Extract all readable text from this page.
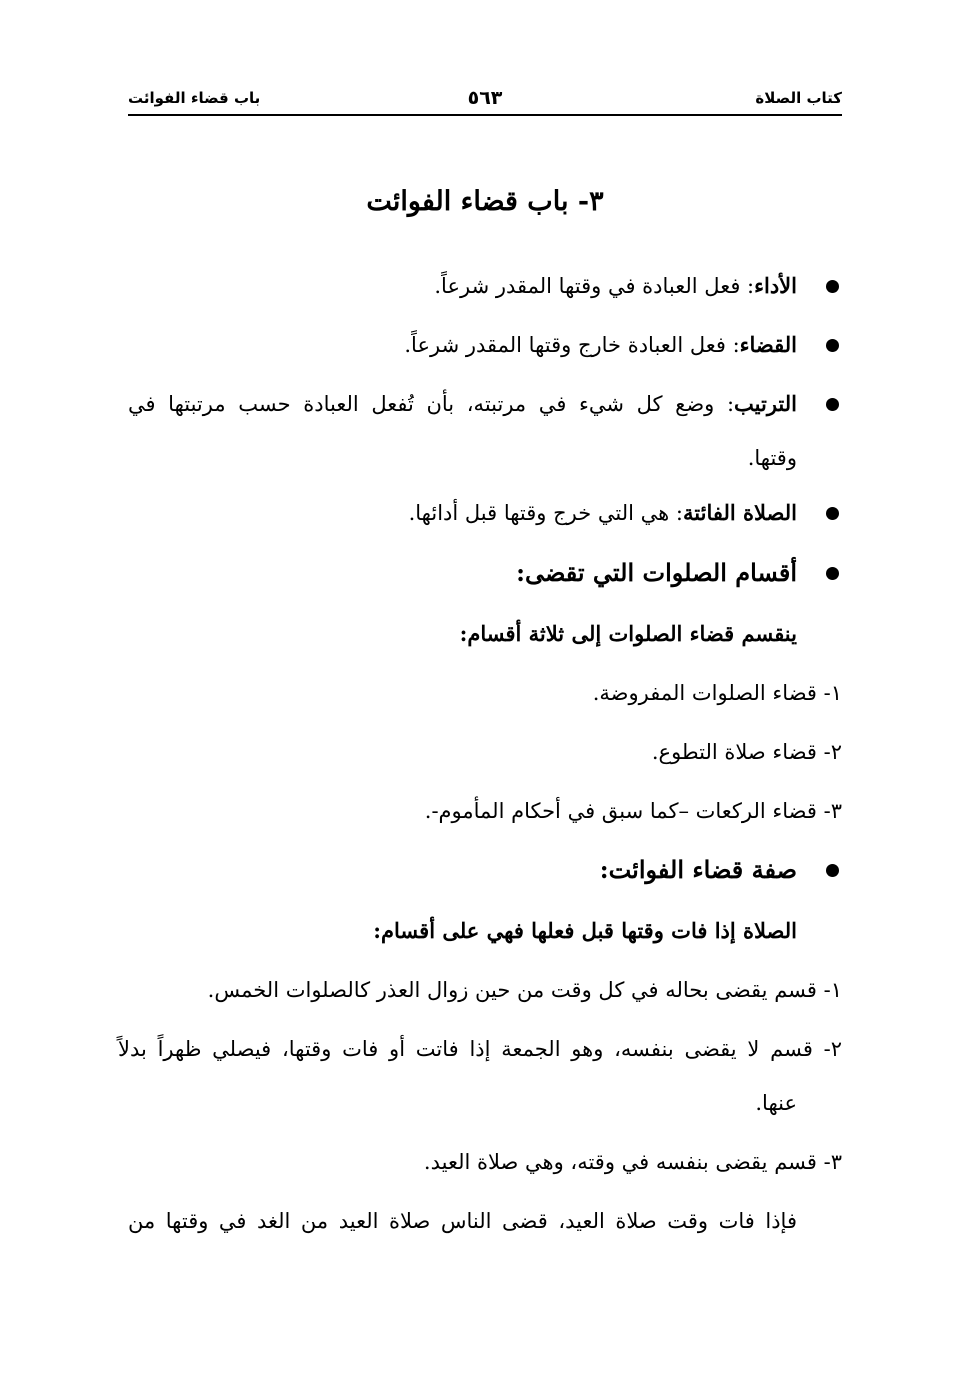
كتاب الصلاة
٥٦٣
باب قضاء الفوائت
٣- باب قضاء الفوائت
الأداء: فعل العبادة في وقتها المقدر شرعاً.
القضاء: فعل العبادة خارج وقتها المقدر شرعاً.
الترتيب: وضع كل شيء في مرتبته، بأن تُفعل العبادة حسب مرتبتها في
وقتها.
الصلاة الفائتة: هي التي خرج وقتها قبل أدائها.
أقسام الصلوات التي تقضى:
ينقسم قضاء الصلوات إلى ثلاثة أقسام:
١- قضاء الصلوات المفروضة.
٢- قضاء صلاة التطوع.
٣- قضاء الركعات –كما سبق في أحكام المأموم-.
صفة قضاء الفوائت:
الصلاة إذا فات وقتها قبل فعلها فهي على أقسام:
١- قسم يقضى بحاله في كل وقت من حين زوال العذر كالصلوات الخمس.
٢- قسم لا يقضى بنفسه، وهو الجمعة إذا فاتت أو فات وقتها، فيصلي ظهراً بدلاً
عنها.
٣- قسم يقضى بنفسه في وقته، وهي صلاة العيد.
فإذا فات وقت صلاة العيد، قضى الناس صلاة العيد من الغد في وقتها من
